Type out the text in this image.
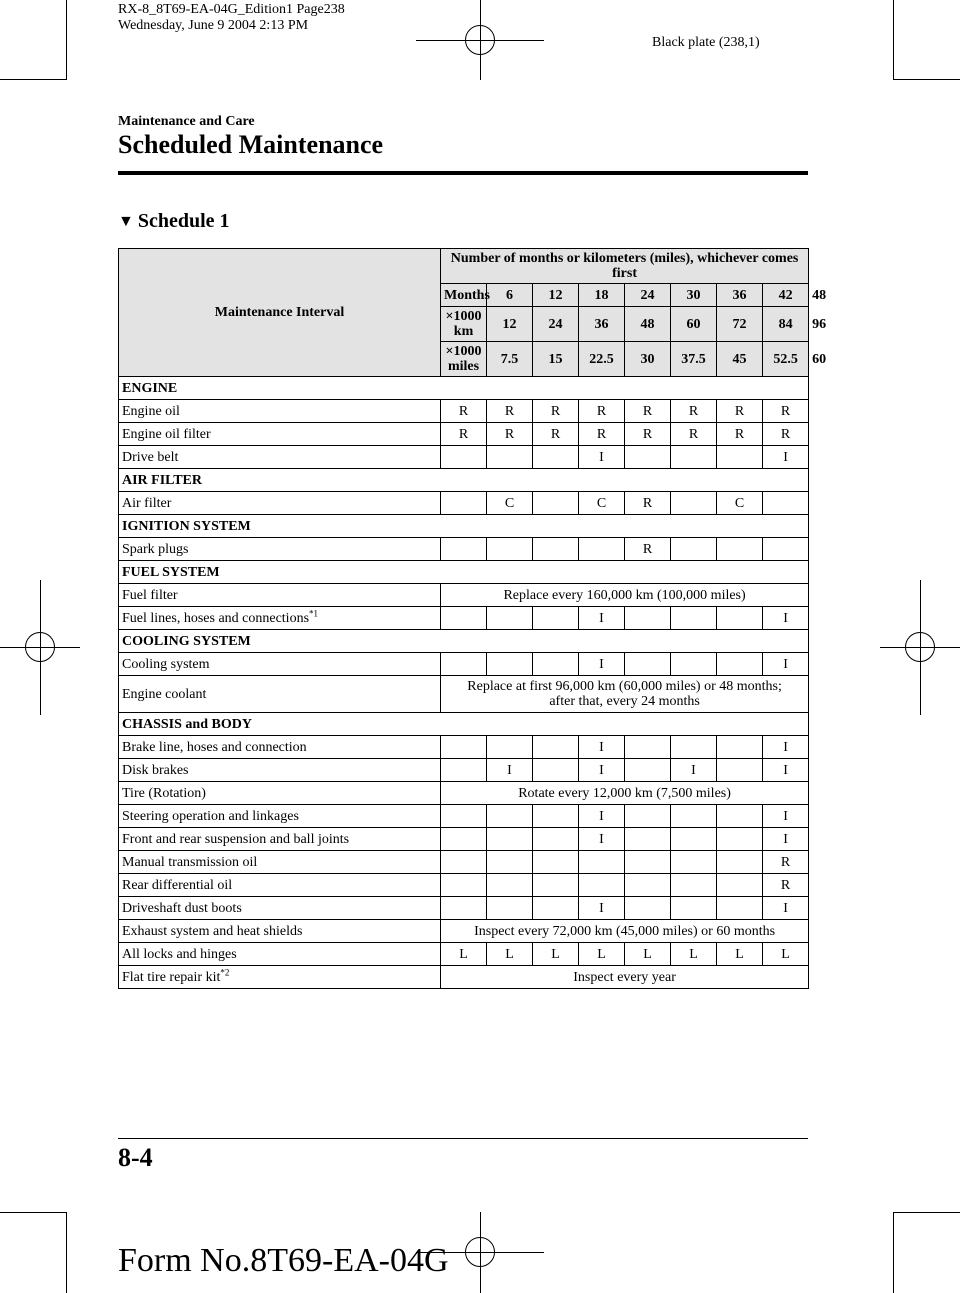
RX-8_8T69-EA-04G_Edition1 Page238
Wednesday, June 9 2004 2:13 PM
Black plate (238,1)
Maintenance and Care
Scheduled Maintenance
▼ Schedule 1
Maintenance Interval	Number of months or kilometers (miles), whichever comes first								
	Months	6	12	18	24	30	36	42	48
	×1000 km	12	24	36	48	60	72	84	96
	×1000 miles	7.5	15	22.5	30	37.5	45	52.5	60
ENGINE									
Engine oil	R	R	R	R	R	R	R	R	
Engine oil filter	R	R	R	R	R	R	R	R	
Drive belt				I				I	
AIR FILTER									
Air filter		C		C	R		C		
IGNITION SYSTEM									
Spark plugs					R				
FUEL SYSTEM									
Fuel filter	Replace every 160,000 km (100,000 miles)								

Fuel lines, hoses and connections$^{*1}$				I				I	
COOLING SYSTEM									
Cooling system				I				I	
Engine coolant	Replace at first 96,000 km (60,000 miles) or 48 months;
after that, every 24 months								

CHASSIS and BODY									
Brake line, hoses and connection				I				I	
Disk brakes		I		I		I		I	
Tire (Rotation)	Rotate every 12,000 km (7,500 miles)								

Steering operation and linkages				I				I	
Front and rear suspension and ball joints				I				I	
Manual transmission oil								R	
Rear differential oil								R	
Driveshaft dust boots				I				I	
Exhaust system and heat shields	Inspect every 72,000 km (45,000 miles) or 60 months								

All locks and hinges	L	L	L	L	L	L	L	L	
Flat tire repair kit$^{*2}$	Inspect every year								
8-4
Form No.8T69-EA-04G
